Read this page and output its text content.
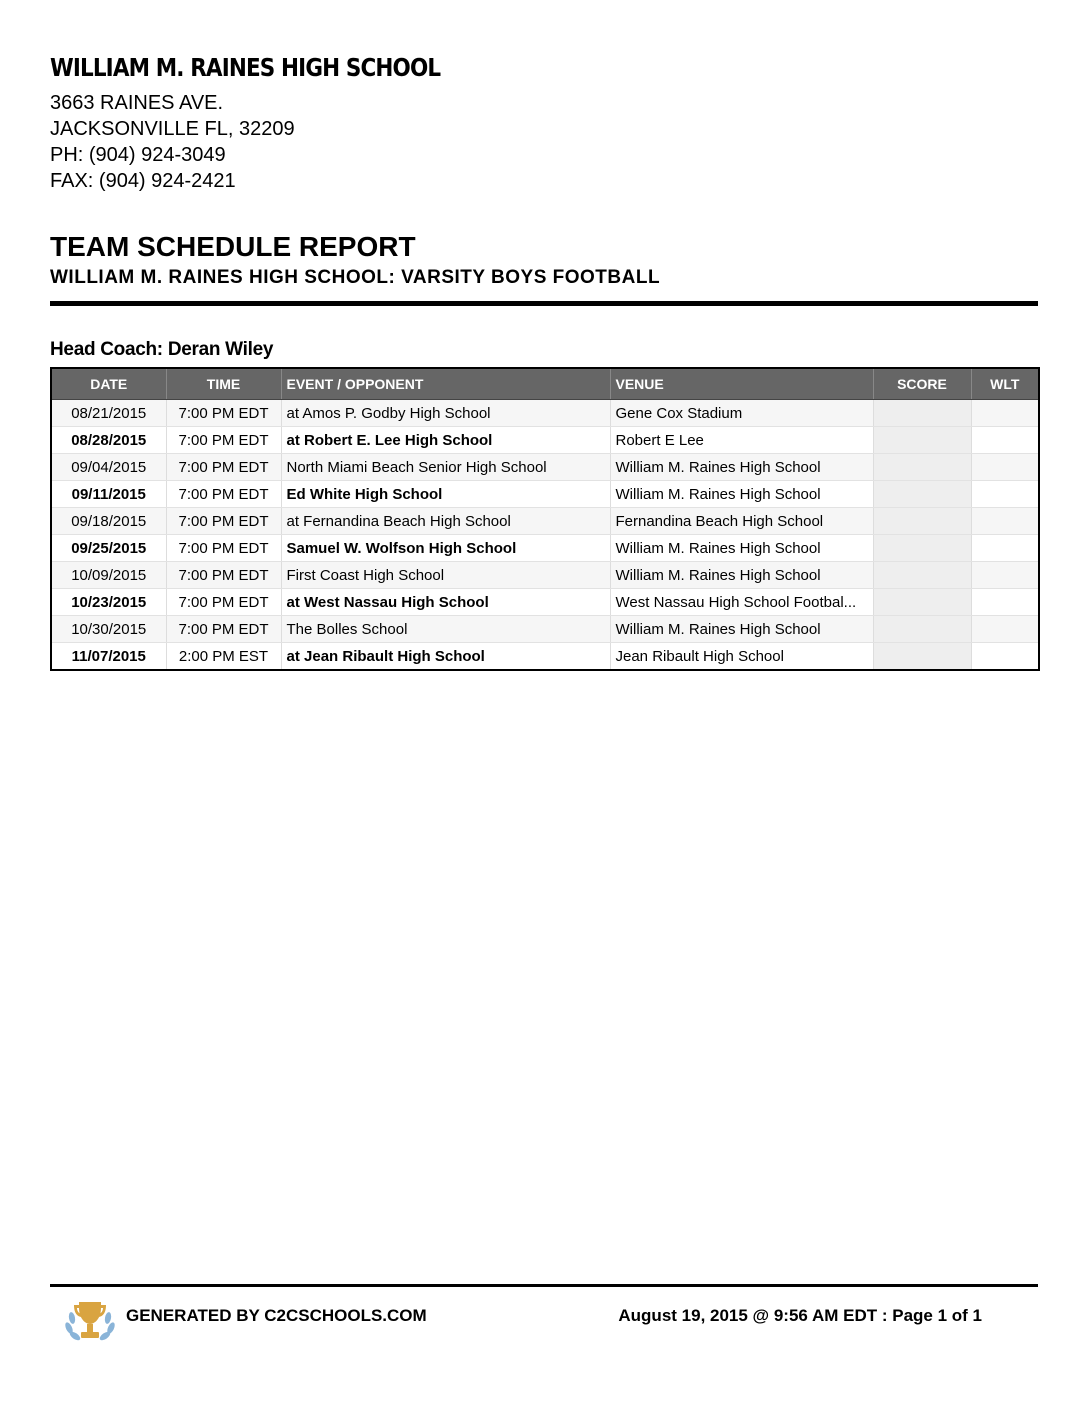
WILLIAM M. RAINES HIGH SCHOOL
3663 RAINES AVE.
JACKSONVILLE FL, 32209
PH: (904) 924-3049
FAX: (904) 924-2421
TEAM SCHEDULE REPORT
WILLIAM M. RAINES HIGH SCHOOL: VARSITY BOYS FOOTBALL
Head Coach: Deran Wiley
DATE	TIME	EVENT / OPPONENT	VENUE	SCORE	WLT
08/21/2015	7:00 PM EDT	at Amos P. Godby High School	Gene Cox Stadium		
08/28/2015	7:00 PM EDT	at Robert E. Lee High School	Robert E Lee		
09/04/2015	7:00 PM EDT	North Miami Beach Senior High School	William M. Raines High School		
09/11/2015	7:00 PM EDT	Ed White High School	William M. Raines High School		
09/18/2015	7:00 PM EDT	at Fernandina Beach High School	Fernandina Beach High School		
09/25/2015	7:00 PM EDT	Samuel W. Wolfson High School	William M. Raines High School		
10/09/2015	7:00 PM EDT	First Coast High School	William M. Raines High School		
10/23/2015	7:00 PM EDT	at West Nassau High School	West Nassau High School Footbal...		
10/30/2015	7:00 PM EDT	The Bolles School	William M. Raines High School		
11/07/2015	2:00 PM EST	at Jean Ribault High School	Jean Ribault High School		
GENERATED BY C2CSCHOOLS.COM	August 19, 2015 @ 9:56 AM EDT : Page 1 of 1
